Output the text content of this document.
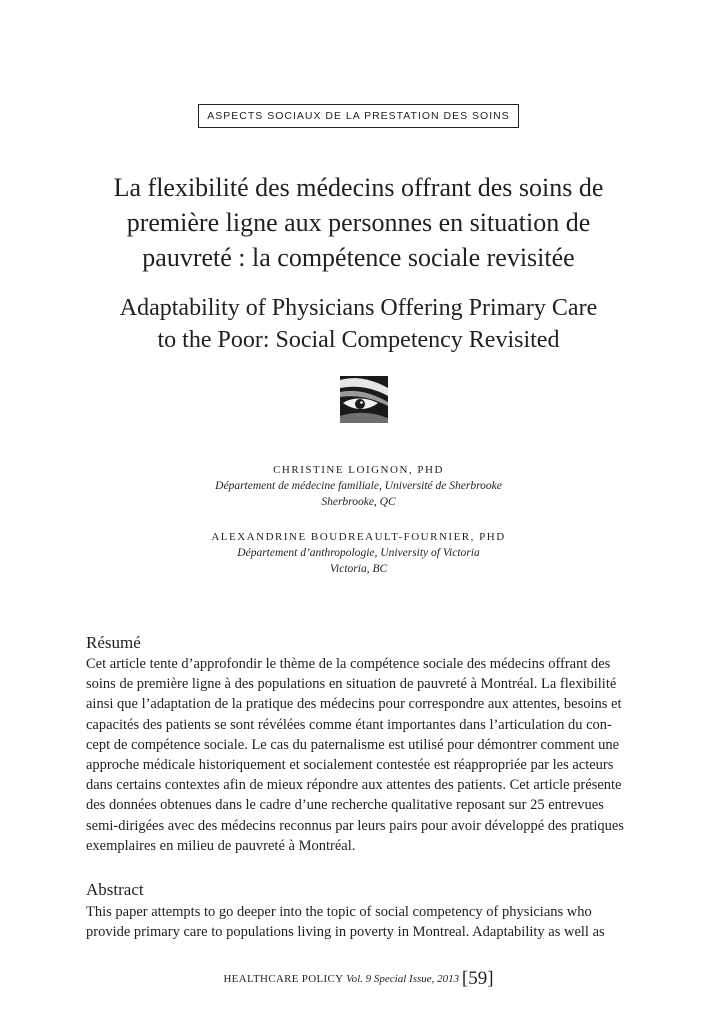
ASPECTS SOCIAUX DE LA PRESTATION DES SOINS
La flexibilité des médecins offrant des soins de
première ligne aux personnes en situation de
pauvreté : la compétence sociale revisitée
Adaptability of Physicians Offering Primary Care
to the Poor: Social Competency Revisited
CHRISTINE LOIGNON, PHD
Département de médecine familiale, Université de Sherbrooke
Sherbrooke, QC
ALEXANDRINE BOUDREAULT-FOURNIER, PHD
Département d’anthropologie, University of Victoria
Victoria, BC
Résumé
Cet article tente d’approfondir le thème de la compétence sociale des médecins offrant des
soins de première ligne à des populations en situation de pauvreté à Montréal. La flexibilité
ainsi que l’adaptation de la pratique des médecins pour correspondre aux attentes, besoins et
capacités des patients se sont révélées comme étant importantes dans l’articulation du con-
cept de compétence sociale. Le cas du paternalisme est utilisé pour démontrer comment une
approche médicale historiquement et socialement contestée est réappropriée par les acteurs
dans certains contextes afin de mieux répondre aux attentes des patients. Cet article présente
des données obtenues dans le cadre d’une recherche qualitative reposant sur 25 entrevues
semi-dirigées avec des médecins reconnus par leurs pairs pour avoir développé des pratiques
exemplaires en milieu de pauvreté à Montréal.
Abstract
This paper attempts to go deeper into the topic of social competency of physicians who
provide primary care to populations living in poverty in Montreal. Adaptability as well as
HEALTHCARE POLICY Vol. 9 Special Issue, 2013 [59]
